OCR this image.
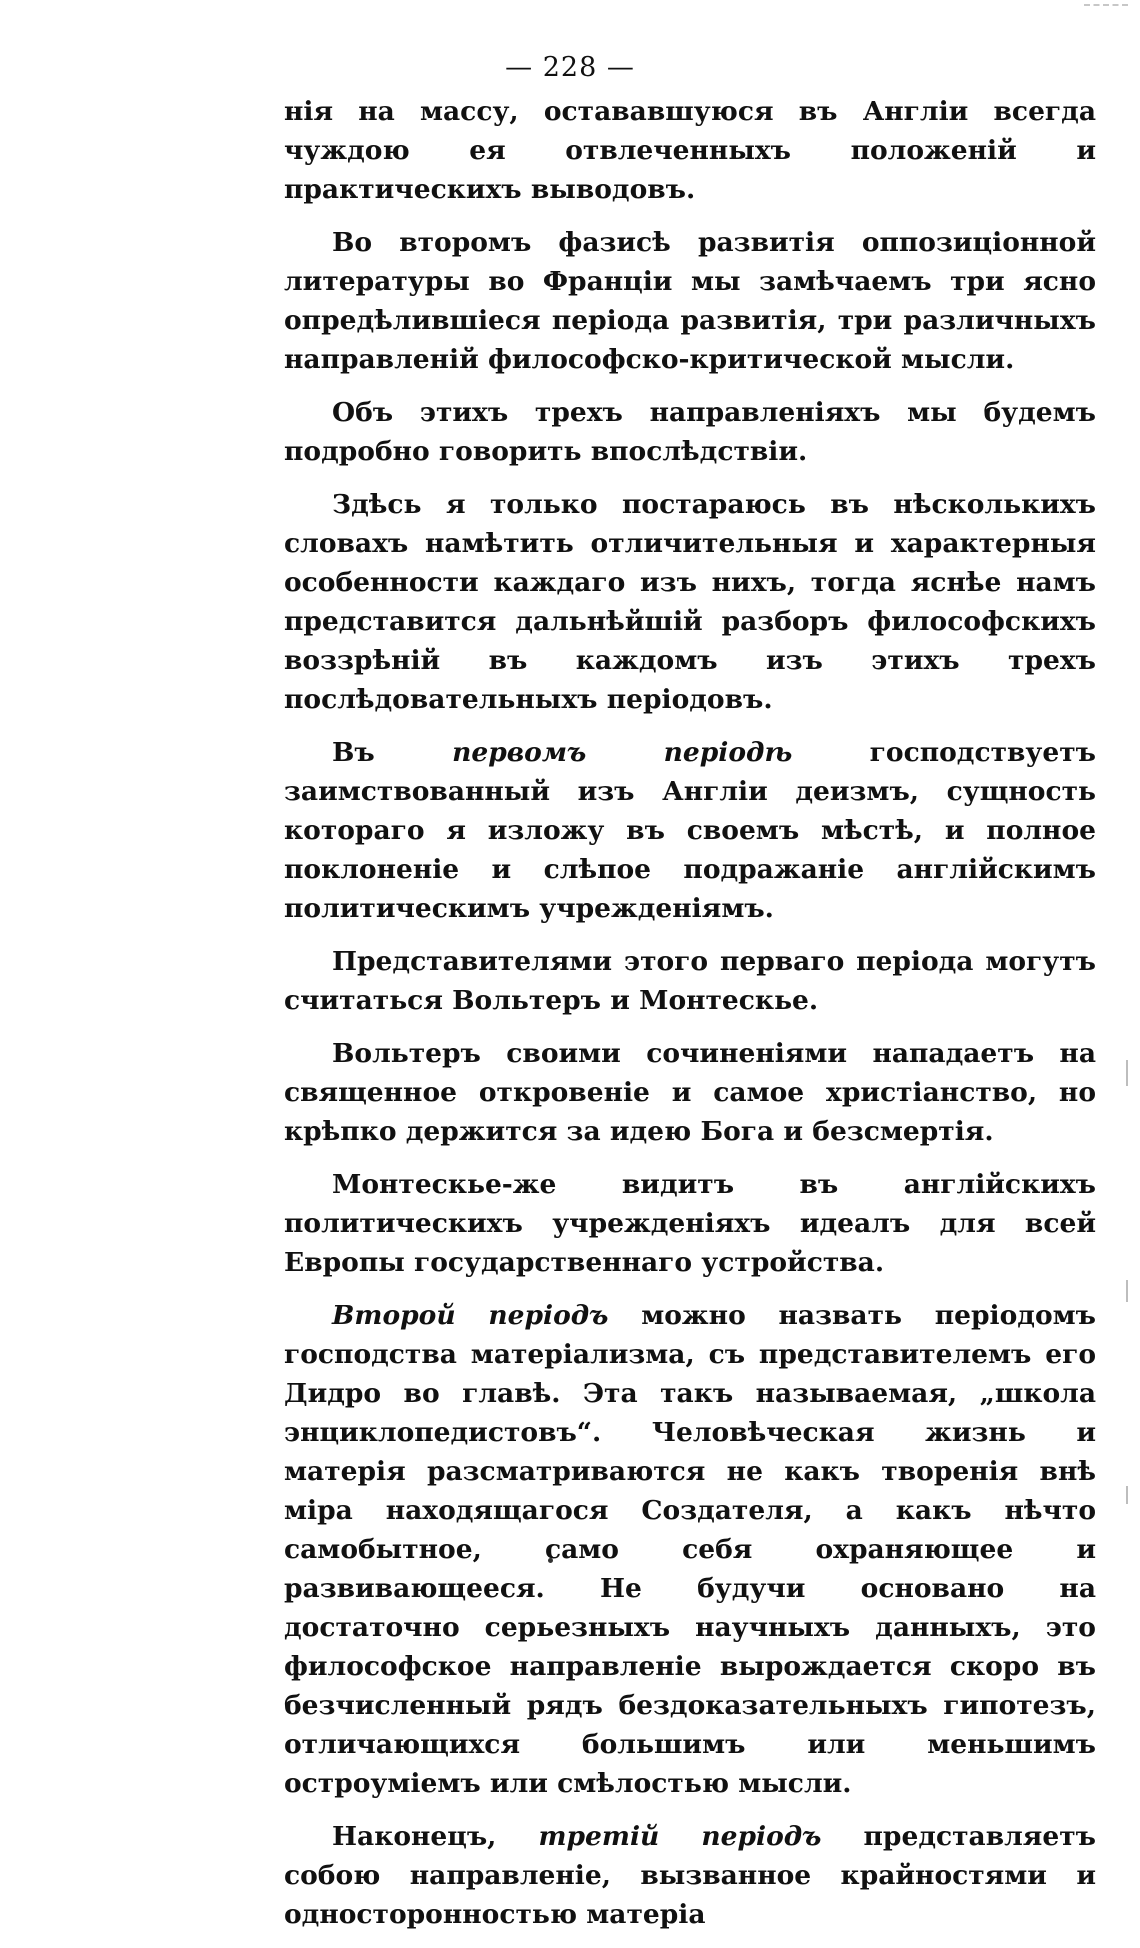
— 228 —

нія на массу, остававшуюся въ Англіи всегда чуждою ея отвлеченныхъ положеній и практическихъ выводовъ.

Во второмъ фазисѣ развитія оппозиціонной литературы во Франціи мы замѣчаемъ три ясно опредѣлившіеся періода развитія, три различныхъ направленій философско-критической мысли.

Объ этихъ трехъ направленіяхъ мы будемъ подробно говорить впослѣдствіи.

Здѣсь я только постараюсь въ нѣсколькихъ словахъ намѣтить отличительныя и характерныя особенности каждаго изъ нихъ, тогда яснѣе намъ представится дальнѣйшій разборъ философскихъ воззрѣній въ каждомъ изъ этихъ трехъ послѣдовательныхъ періодовъ.

Въ первомъ періодѣ господствуетъ заимствованный изъ Англіи деизмъ, сущность котораго я изложу въ своемъ мѣстѣ, и полное поклоненіе и слѣпое подражаніе англійскимъ политическимъ учрежденіямъ.

Представителями этого перваго періода могутъ считаться Вольтеръ и Монтескье.

Вольтеръ своими сочиненіями нападаетъ на священное откровеніе и самое христіанство, но крѣпко держится за идею Бога и безсмертія.

Монтескье-же видитъ въ англійскихъ политическихъ учрежденіяхъ идеалъ для всей Европы государственнаго устройства.

Второй періодъ можно назвать періодомъ господства матеріализма, съ представителемъ его Дидро во главѣ. Эта такъ называемая, „школа энциклопедистовъ“. Человѣческая жизнь и матерія разсматриваются не какъ творенія внѣ міра находящагося Создателя, а какъ нѣчто самобытное, само себя охраняющее и развивающееся. Не будучи основано на достаточно серьезныхъ научныхъ данныхъ, это философское направленіе вырождается скоро въ безчисленный рядъ бездоказательныхъ гипотезъ, отличающихся большимъ или меньшимъ остроуміемъ или смѣлостью мысли.

Наконецъ, третій періодъ представляетъ собою направленіе, вызванное крайностями и односторонностью матеріа
